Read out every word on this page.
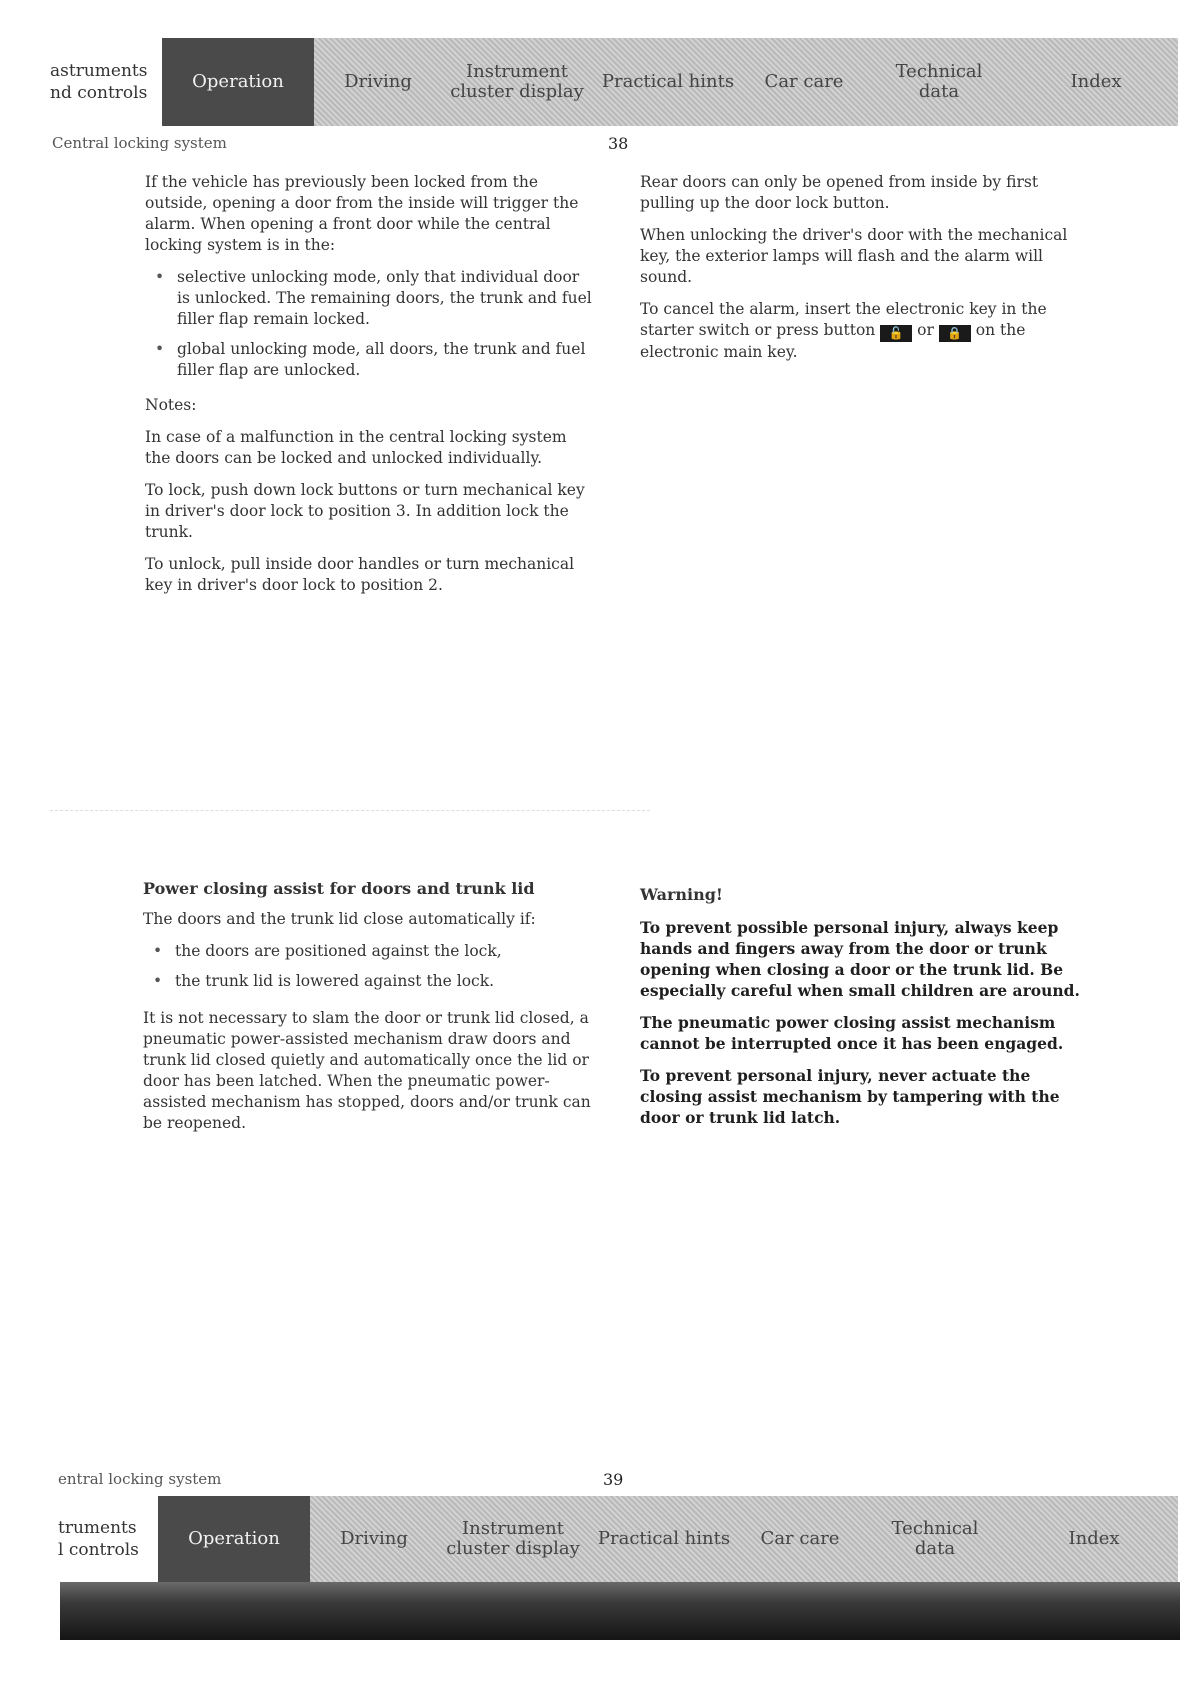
astruments
nd controls
Operation	Driving	Instrument
cluster display	Practical hints	Car care	Technical
data	Index
Central locking system	38

If the vehicle has previously been locked from the outside, opening a door from the inside will trigger the alarm. When opening a front door while the central locking system is in the:

• selective unlocking mode, only that individual door is unlocked. The remaining doors, the trunk and fuel filler flap remain locked.
• global unlocking mode, all doors, the trunk and fuel filler flap are unlocked.

Notes:

In case of a malfunction in the central locking system the doors can be locked and unlocked individually.

To lock, push down lock buttons or turn mechanical key in driver's door lock to position 3. In addition lock the trunk.

To unlock, pull inside door handles or turn mechanical key in driver's door lock to position 2.

Rear doors can only be opened from inside by first pulling up the door lock button.

When unlocking the driver's door with the mechanical key, the exterior lamps will flash and the alarm will sound.

To cancel the alarm, insert the electronic key in the starter switch or press button 🔓 or 🔒 on the electronic main key.

Power closing assist for doors and trunk lid

The doors and the trunk lid close automatically if:

• the doors are positioned against the lock,
• the trunk lid is lowered against the lock.

It is not necessary to slam the door or trunk lid closed, a pneumatic power-assisted mechanism draw doors and trunk lid closed quietly and automatically once the lid or door has been latched. When the pneumatic power-assisted mechanism has stopped, doors and/or trunk can be reopened.

Warning!

To prevent possible personal injury, always keep hands and fingers away from the door or trunk opening when closing a door or the trunk lid. Be especially careful when small children are around.

The pneumatic power closing assist mechanism cannot be interrupted once it has been engaged.

To prevent personal injury, never actuate the closing assist mechanism by tampering with the door or trunk lid latch.

entral locking system	39
truments
l controls
Operation	Driving	Instrument
cluster display	Practical hints	Car care	Technical
data	Index
